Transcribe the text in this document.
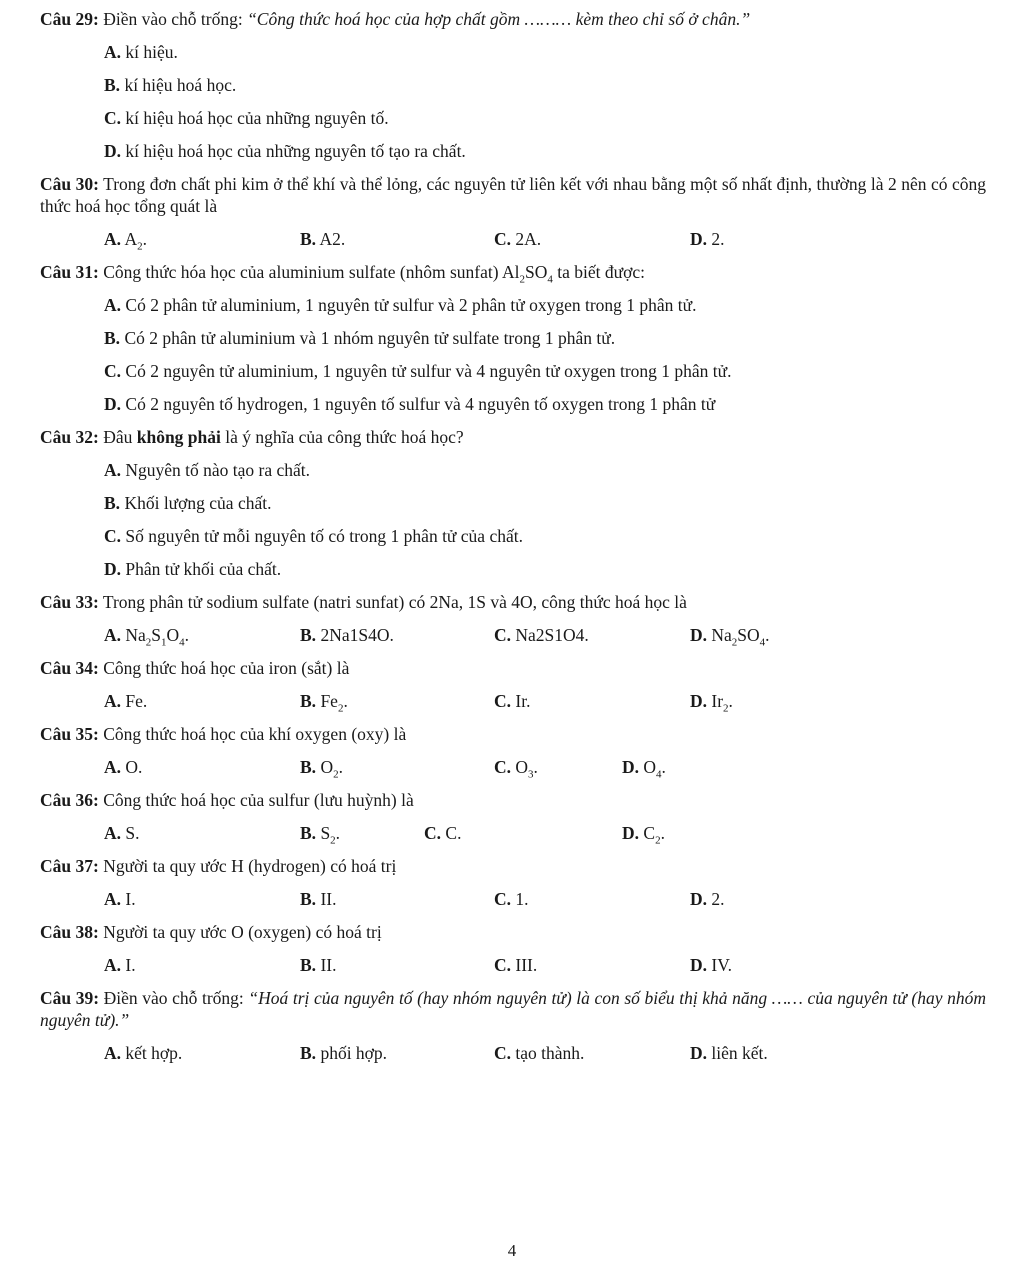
Câu 29: Điền vào chỗ trống: “Công thức hoá học của hợp chất gồm ……… kèm theo chỉ số ở chân.”
A. kí hiệu.
B. kí hiệu hoá học.
C. kí hiệu hoá học của những nguyên tố.
D. kí hiệu hoá học của những nguyên tố tạo ra chất.
Câu 30: Trong đơn chất phi kim ở thể khí và thể lỏng, các nguyên tử liên kết với nhau bằng một số nhất định, thường là 2 nên có công thức hoá học tổng quát là
A. $A_2$.	B. A2.	C. 2A.	D. 2.
Câu 31: Công thức hóa học của aluminium sulfate (nhôm sunfat) $Al_2SO_4$ ta biết được:
A. Có 2 phân tử aluminium, 1 nguyên tử sulfur và 2 phân tử oxygen trong 1 phân tử.
B. Có 2 phân tử aluminium và 1 nhóm nguyên tử sulfate trong 1 phân tử.
C. Có 2 nguyên tử aluminium, 1 nguyên tử sulfur và 4 nguyên tử oxygen trong 1 phân tử.
D. Có 2 nguyên tố hydrogen, 1 nguyên tố sulfur và 4 nguyên tố oxygen trong 1 phân tử
Câu 32: Đâu không phải là ý nghĩa của công thức hoá học?
A. Nguyên tố nào tạo ra chất.
B. Khối lượng của chất.
C. Số nguyên tử mỗi nguyên tố có trong 1 phân tử của chất.
D. Phân tử khối của chất.
Câu 33: Trong phân tử sodium sulfate (natri sunfat) có 2Na, 1S và 4O, công thức hoá học là
A. $Na_2S_1O_4$.	B. 2Na1S4O.	C. Na2S1O4.	D. $Na_2SO_4$.
Câu 34: Công thức hoá học của iron (sắt) là
A. Fe.	B. $Fe_2$.	C. Ir.	D. $Ir_2$.
Câu 35: Công thức hoá học của khí oxygen (oxy) là
A. O.	B. $O_2$.	C. $O_3$.	D. $O_4$.
Câu 36: Công thức hoá học của sulfur (lưu huỳnh) là
A. S.	B. $S_2$.	C. C.	D. $C_2$.
Câu 37: Người ta quy ước H (hydrogen) có hoá trị
A. I.	B. II.	C. 1.	D. 2.
Câu 38: Người ta quy ước O (oxygen) có hoá trị
A. I.	B. II.	C. III.	D. IV.
Câu 39: Điền vào chỗ trống: “Hoá trị của nguyên tố (hay nhóm nguyên tử) là con số biểu thị khả năng …… của nguyên tử (hay nhóm nguyên tử).”
A. kết hợp.	B. phối hợp.	C. tạo thành.	D. liên kết.
4
